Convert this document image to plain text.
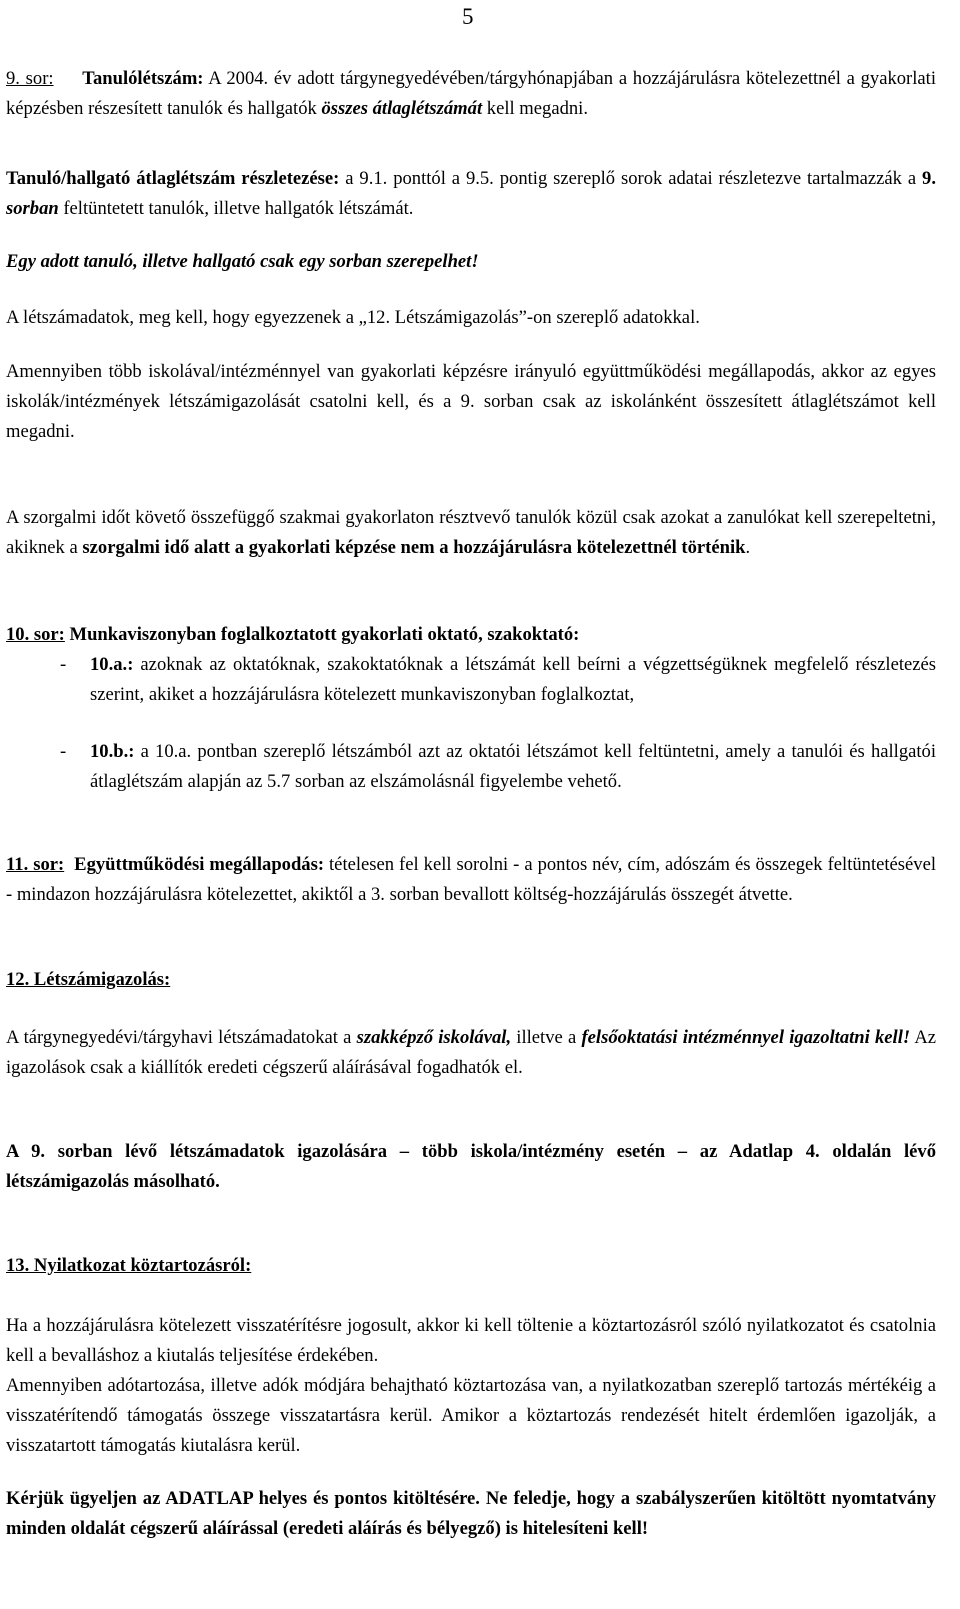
5

9. sor: Tanulólétszám: A 2004. év adott tárgynegyedévében/tárgyhónapjában a hozzájárulásra kötelezettnél a gyakorlati képzésben részesített tanulók és hallgatók összes átlaglétszámát kell megadni.

Tanuló/hallgató átlaglétszám részletezése: a 9.1. ponttól a 9.5. pontig szereplő sorok adatai részletezve tartalmazzák a 9. sorban feltüntetett tanulók, illetve hallgatók létszámát.

Egy adott tanuló, illetve hallgató csak egy sorban szerepelhet!

A létszámadatok, meg kell, hogy egyezzenek a „12. Létszámigazolás”-on szereplő adatokkal.

Amennyiben több iskolával/intézménnyel van gyakorlati képzésre irányuló együttműködési megállapodás, akkor az egyes iskolák/intézmények létszámigazolását csatolni kell, és a 9. sorban csak az iskolánként összesített átlaglétszámot kell megadni.

A szorgalmi időt követő összefüggő szakmai gyakorlaton résztvevő tanulók közül csak azokat a zanulókat kell szerepeltetni, akiknek a szorgalmi idő alatt a gyakorlati képzése nem a hozzájárulásra kötelezettnél történik.

10. sor: Munkaviszonyban foglalkoztatott gyakorlati oktató, szakoktató:

- 10.a.: azoknak az oktatóknak, szakoktatóknak a létszámát kell beírni a végzettségüknek megfelelő részletezés szerint, akiket a hozzájárulásra kötelezett munkaviszonyban foglalkoztat,
- 10.b.: a 10.a. pontban szereplő létszámból azt az oktatói létszámot kell feltüntetni, amely a tanulói és hallgatói átlaglétszám alapján az 5.7 sorban az elszámolásnál figyelembe vehető.

11. sor:  Együttműködési megállapodás: tételesen fel kell sorolni - a pontos név, cím, adószám és összegek feltüntetésével - mindazon hozzájárulásra kötelezettet, akiktől a 3. sorban bevallott költség-hozzájárulás összegét átvette.

12. Létszámigazolás:

A tárgynegyedévi/tárgyhavi létszámadatokat a szakképző iskolával, illetve a felsőoktatási intézménnyel igazoltatni kell! Az igazolások csak a kiállítók eredeti cégszerű aláírásával fogadhatók el.

A 9. sorban lévő létszámadatok igazolására – több iskola/intézmény esetén – az Adatlap 4. oldalán lévő létszámigazolás másolható.

13. Nyilatkozat köztartozásról:

Ha a hozzájárulásra kötelezett visszatérítésre jogosult, akkor ki kell töltenie a köztartozásról szóló nyilatkozatot és csatolnia kell a bevalláshoz a kiutalás teljesítése érdekében.

Amennyiben adótartozása, illetve adók módjára behajtható köztartozása van, a nyilatkozatban szereplő tartozás mértékéig a visszatérítendő támogatás összege visszatartásra kerül. Amikor a köztartozás rendezését hitelt érdemlően igazolják, a visszatartott támogatás kiutalásra kerül.

Kérjük ügyeljen az ADATLAP helyes és pontos kitöltésére. Ne feledje, hogy a szabályszerűen kitöltött nyomtatvány minden oldalát cégszerű aláírással (eredeti aláírás és bélyegző) is hitelesíteni kell!
